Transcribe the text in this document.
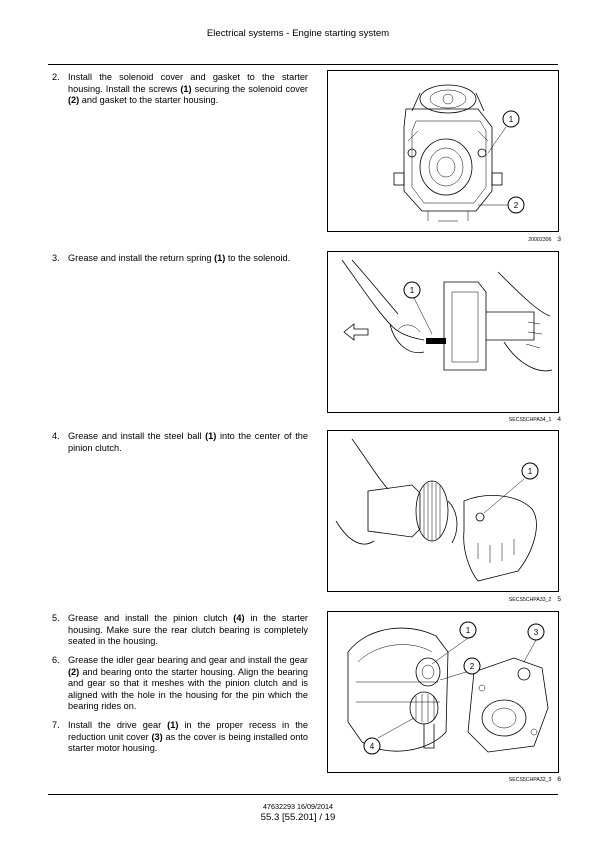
Electrical systems - Engine starting system
2. Install the solenoid cover and gasket to the starter housing. Install the screws (1) securing the solenoid cover (2) and gasket to the starter housing.
3. Grease and install the return spring (1) to the solenoid.
4. Grease and install the steel ball (1) into the center of the pinion clutch.
5. Grease and install the pinion clutch (4) in the starter housing. Make sure the rear clutch bearing is completely seated in the housing.
6. Grease the idler gear bearing and gear and install the gear (2) and bearing onto the starter housing. Align the bearing and gear so that it meshes with the pinion clutch and is aligned with the hole in the housing for the pin which the bearing rides on.
7. Install the drive gear (1) in the proper recess in the reduction unit cover (3) as the cover is being installed onto starter motor housing.
1
2
20002306 3
1
SECS5CHPA34_1 4
1
SECS5CHPA33_2 5
1
2
3
4
SECS5CHPA32_3 6
47632293 16/09/2014
55.3 [55.201] / 19
